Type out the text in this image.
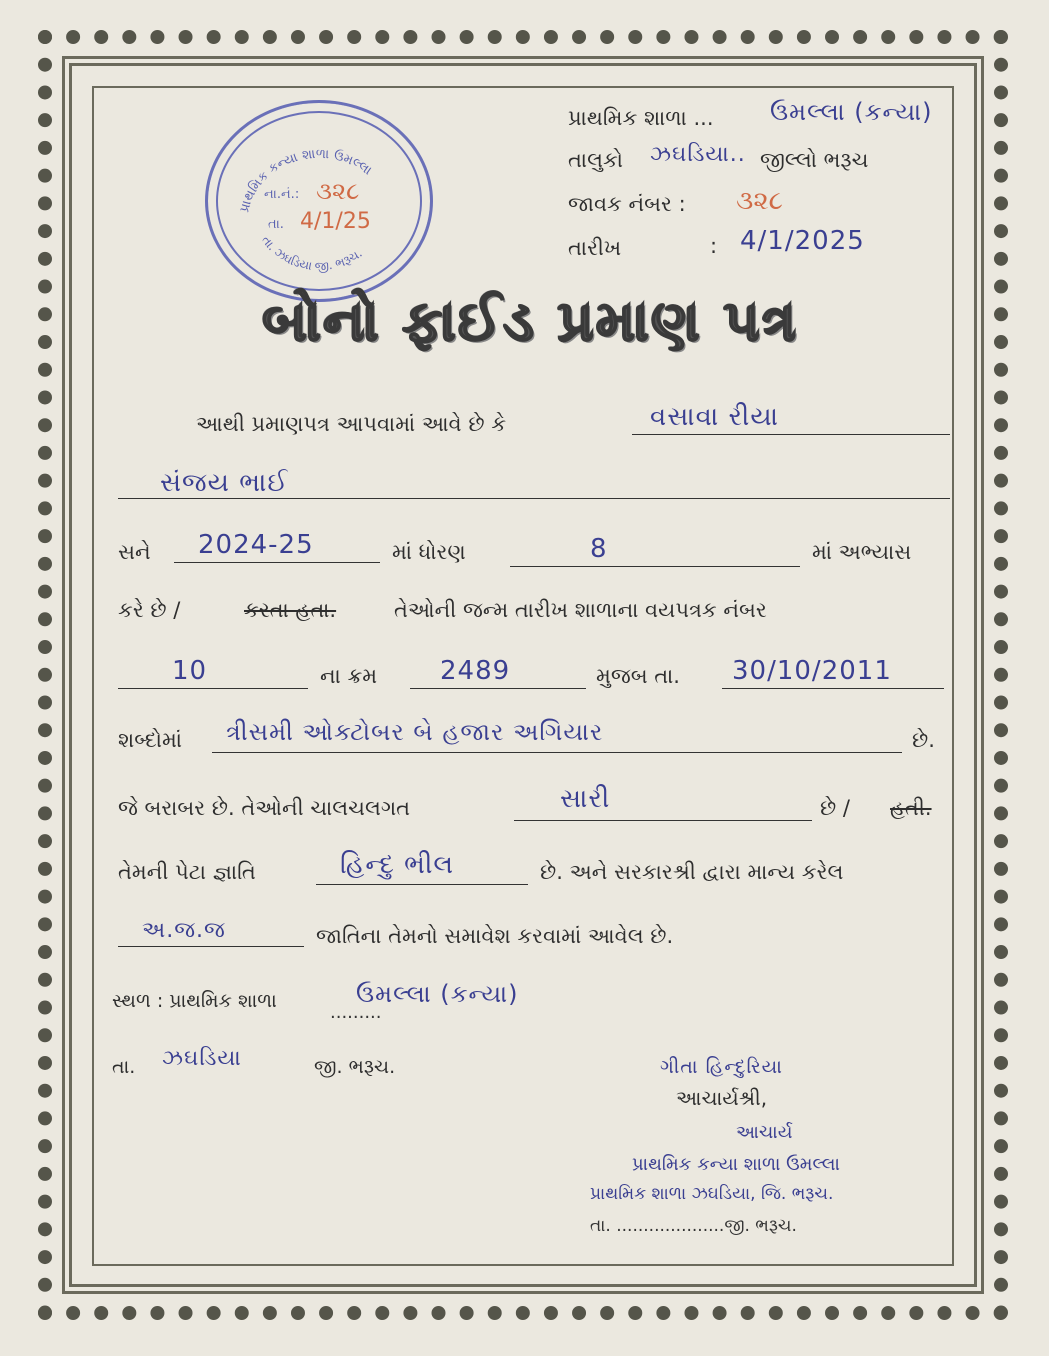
પ્રાથમિક કન્યા શાળા ઉમલ્લા
તા. ઝઘડિયા જી. ભરૂચ.
ના.નં.: ૩૨૮
તા. 4/1/25
પ્રાથમિક શાળા ... ઉમલ્લા (કન્યા)
તાલુકો ઝઘડિયા.. જીલ્લો ભરૂચ
જાવક નંબર : ૩૨૮
તારીખ	: 4/1/2025
બોનો ફાઈડ પ્રમાણ પત્ર
આથી પ્રમાણપત્ર આપવામાં આવે છે કે	વસાવા રીયા
સંજય ભાઈ
સને 2024-25	માં ધોરણ	8	માં અભ્યાસ
કરે છે /	કરતા હતા.	તેઓની જન્મ તારીખ શાળાના વયપત્રક નંબર
10	ના ક્રમ 2489	મુજબ તા. 30/10/2011
શબ્દોમાં ત્રીસમી ઓક્ટોબર બે હજાર અગિયાર	છે.
જે બરાબર છે. તેઓની ચાલચલગત	સારી	છે / હતી.
તેમની પેટા જ્ઞાતિ	હિન્દુ ભીલ	છે. અને સરકારશ્રી દ્વારા માન્ય કરેલ
અ.જ.જ	જાતિના તેમનો સમાવેશ કરવામાં આવેલ છે.
સ્થળ : પ્રાથમિક શાળા
.........
ઉમલ્લા (કન્યા)
તા. ઝઘડિયા	જી. ભરૂચ.	ગીતા હિન્દુરિયા
આચાર્યશ્રી,
આચાર્ય
પ્રાથમિક કન્યા શાળા ઉમલ્લા
પ્રાથમિક શાળા ઝઘડિયા, જિ. ભરૂચ.
તા. ....................જી. ભરૂચ.
